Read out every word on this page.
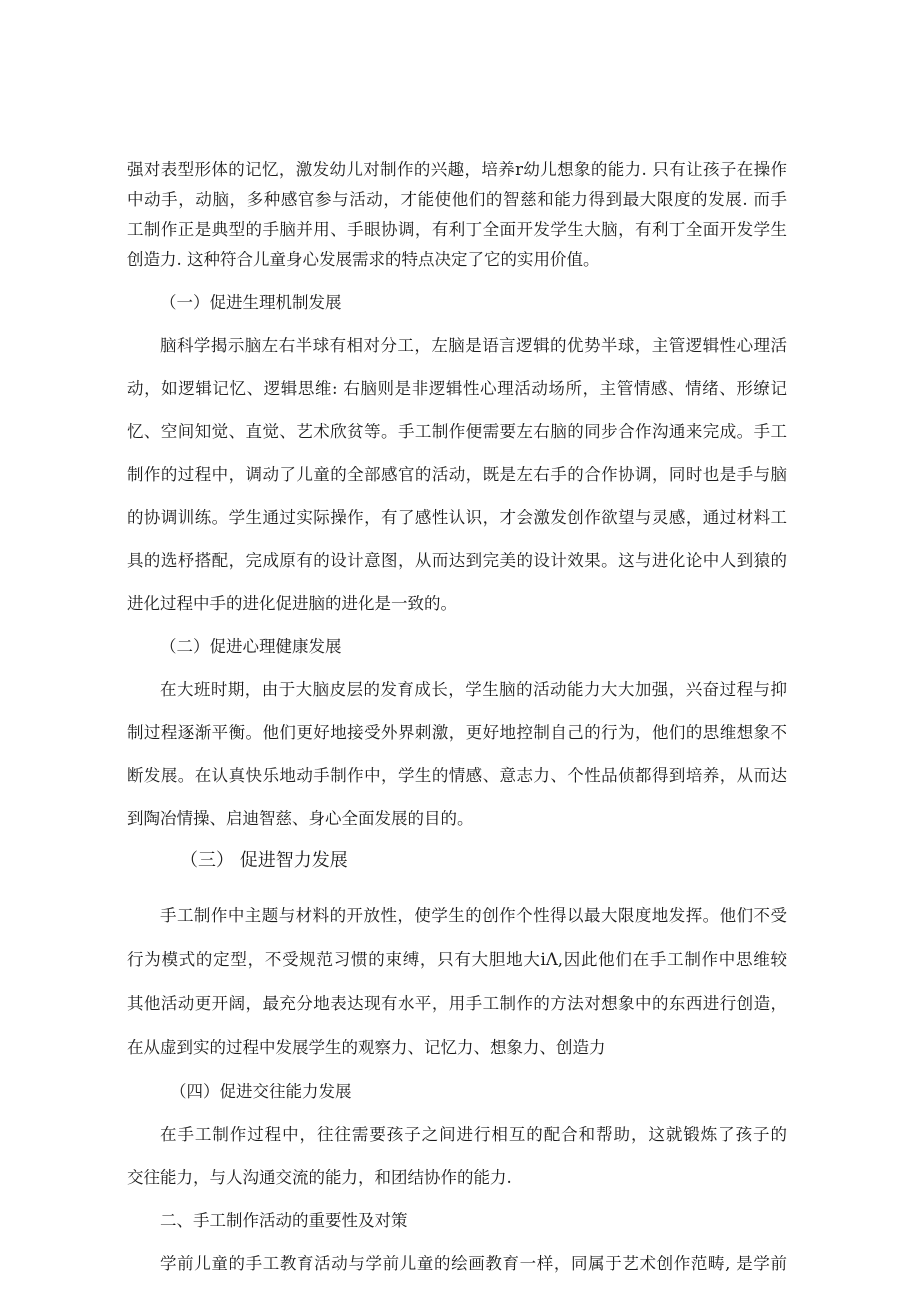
强对表型形体的记忆，激发幼儿对制作的兴趣，培养r幼儿想象的能力. 只有让孩子在操作
中动手，动脑，多种感官参与活动，才能使他们的智慈和能力得到最大限度的发展. 而手
工制作正是典型的手脑并用、手眼协调，有利丁全面开发学生大脑，有利丁全面开发学生
创造力. 这种符合儿童身心发展需求的特点决定了它的实用价值。
（一）促进生理机制发展
脑科学揭示脑左右半球有相对分工，左脑是语言逻辑的优势半球，主管逻辑性心理活
动，如逻辑记忆、逻辑思维: 右脑则是非逻辑性心理活动场所，主管情感、情绪、形缭记
忆、空间知觉、直觉、艺术欣贫等。手工制作便需要左右脑的同步合作沟通来完成。手工
制作的过程中，调动了儿童的全部感官的活动，既是左右手的合作协调，同时也是手与脑
的协调训练。学生通过实际操作，有了感性认识，才会激发创作欲望与灵感，通过材料工
具的选杼搭配，完成原有的设计意图，从而达到完美的设计效果。这与进化论中人到猿的
进化过程中手的进化促进脑的进化是一致的。
（二）促进心理健康发展
在大班时期，由于大脑皮层的发育成长，学生脑的活动能力大大加强，兴奋过程与抑
制过程逐渐平衡。他们更好地接受外界刺激，更好地控制自己的行为，他们的思维想象不
断发展。在认真快乐地动手制作中，学生的情感、意志力、个性品侦都得到培养，从而达
到陶冶情操、启迪智慈、身心全面发展的目的。
（三） 促进智力发展
手工制作中主题与材料的开放性，使学生的创作个性得以最大限度地发挥。他们不受
行为模式的定型，不受规范习惯的束缚，只有大胆地大iΛ,因此他们在手工制作中思维较
其他活动更开阔，最充分地表达现有水平，用手工制作的方法对想象中的东西进行创造，
在从虚到实的过程中发展学生的观察力、记忆力、想象力、创造力
（四）促进交往能力发展
在手工制作过程中，往往需要孩子之间进行相互的配合和帮助，这就锻炼了孩子的
交往能力，与人沟通交流的能力，和团结协作的能力.
二、手工制作活动的重要性及对策
学前儿童的手工教育活动与学前儿童的绘画教育一样，同属于艺术创作范畴, 是学前
